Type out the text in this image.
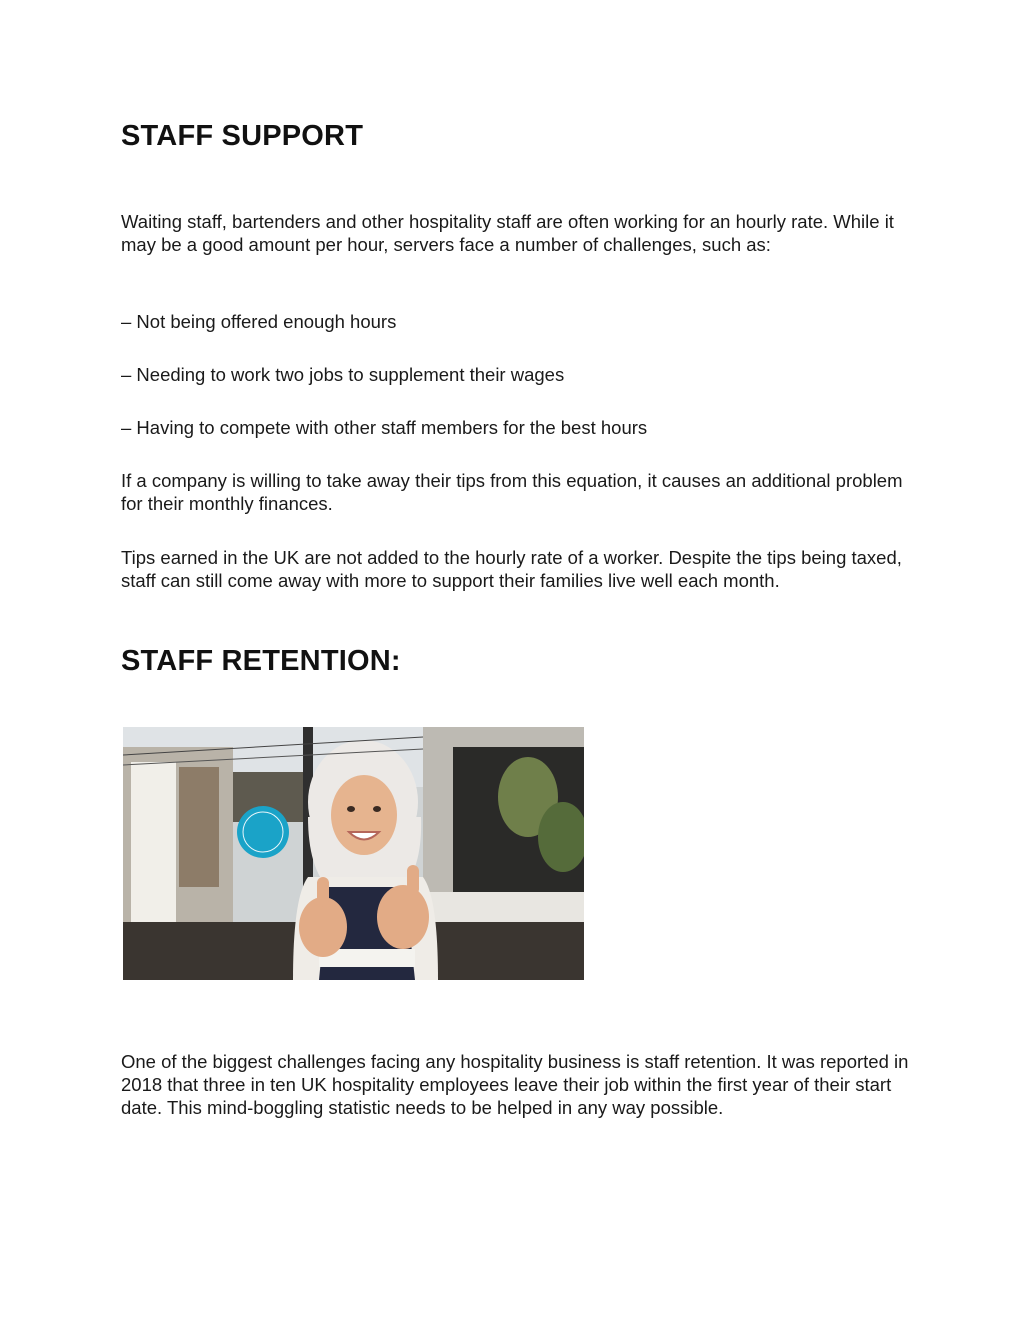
STAFF SUPPORT

Waiting staff, bartenders and other hospitality staff are often working for an hourly rate. While it may be a good amount per hour, servers face a number of challenges, such as:

– Not being offered enough hours

– Needing to work two jobs to supplement their wages

– Having to compete with other staff members for the best hours

If a company is willing to take away their tips from this equation, it causes an additional problem for their monthly finances.

Tips earned in the UK are not added to the hourly rate of a worker. Despite the tips being taxed, staff can still come away with more to support their families live well each month.

STAFF RETENTION:

One of the biggest challenges facing any hospitality business is staff retention. It was reported in 2018 that three in ten UK hospitality employees leave their job within the first year of their start date. This mind-boggling statistic needs to be helped in any way possible.
